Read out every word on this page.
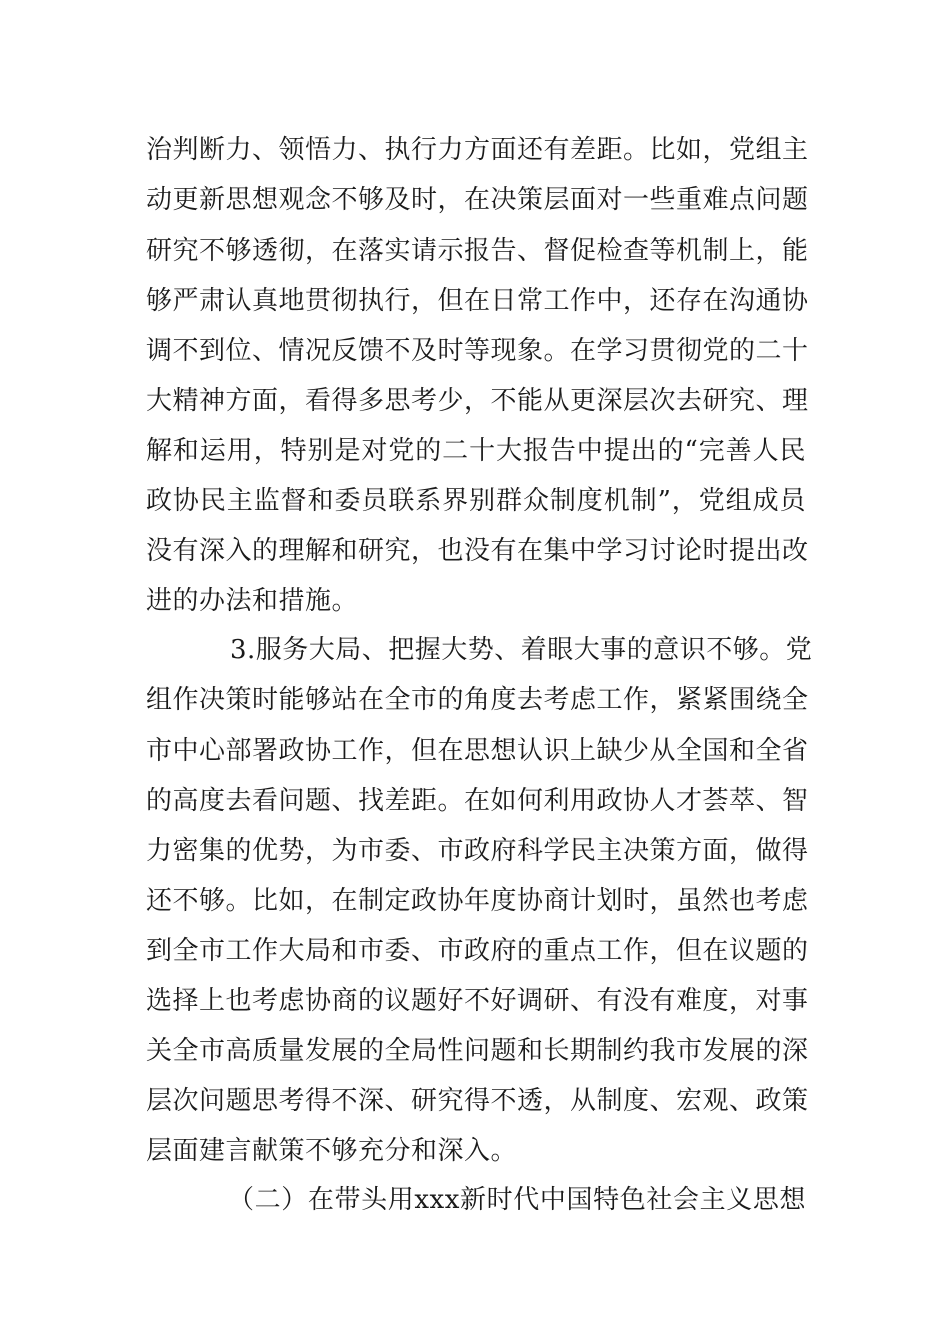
治判断力、领悟力、执行力方面还有差距。比如，党组主
动更新思想观念不够及时，在决策层面对一些重难点问题
研究不够透彻，在落实请示报告、督促检查等机制上，能
够严肃认真地贯彻执行，但在日常工作中，还存在沟通协
调不到位、情况反馈不及时等现象。在学习贯彻党的二十
大精神方面，看得多思考少，不能从更深层次去研究、理
解和运用，特别是对党的二十大报告中提出的“完善人民
政协民主监督和委员联系界别群众制度机制”，党组成员
没有深入的理解和研究，也没有在集中学习讨论时提出改
进的办法和措施。
3.服务大局、把握大势、着眼大事的意识不够。党
组作决策时能够站在全市的角度去考虑工作，紧紧围绕全
市中心部署政协工作，但在思想认识上缺少从全国和全省
的高度去看问题、找差距。在如何利用政协人才荟萃、智
力密集的优势，为市委、市政府科学民主决策方面，做得
还不够。比如，在制定政协年度协商计划时，虽然也考虑
到全市工作大局和市委、市政府的重点工作，但在议题的
选择上也考虑协商的议题好不好调研、有没有难度，对事
关全市高质量发展的全局性问题和长期制约我市发展的深
层次问题思考得不深、研究得不透，从制度、宏观、政策
层面建言献策不够充分和深入。
（二）在带头用xxx新时代中国特色社会主义思想
